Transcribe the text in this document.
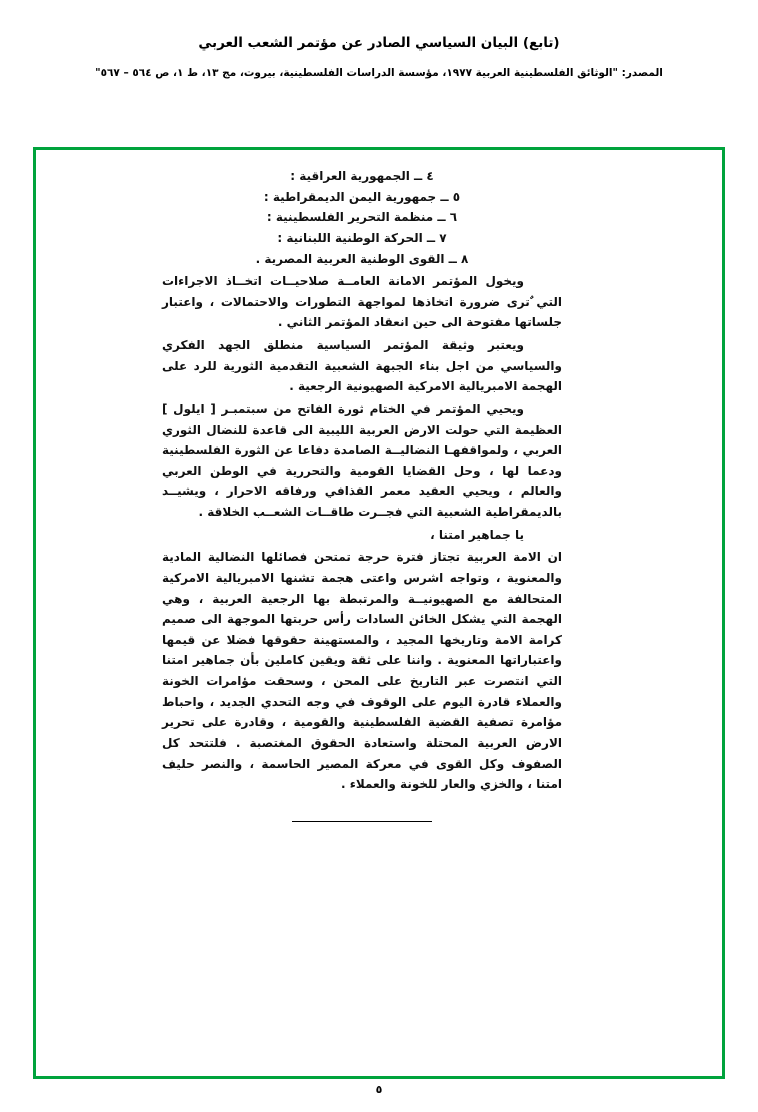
(تابع) البيان السياسي الصادر عن مؤتمر الشعب العربي
المصدر: "الوثائق الفلسطينية العربية ١٩٧٧، مؤسسة الدراسات الفلسطينية، بيروت، مج ١٣، ط ١، ص ٥٦٤ – ٥٦٧"
٤ ــ الجمهورية العراقية :
٥ ــ جمهورية اليمن الديمقراطية :
٦ ــ منظمة التحرير الفلسطينية :
٧ ــ الحركة الوطنية اللبنانية :
٨ ــ القوى الوطنية العربية المصرية .
ويخول المؤتمر الامانة العامــة صلاحيــات اتخــاذ الاجراءات التي ٌترى ضرورة اتخاذها لمواجهة التطورات والاحتمالات ، واعتبار جلساتها مفتوحة الى حين انعقاد المؤتمر الثاني .
ويعتبر وثيقة المؤتمر السياسية منطلق الجهد الفكري والسياسي من اجل بناء الجبهة الشعبية التقدمية الثورية للرد على الهجمة الامبريالية الامركية الصهيونية الرجعية .
ويحيي المؤتمر في الختام ثورة الفاتح من سبتمبـر [ ايلول ] العظيمة التي حولت الارض العربية الليبية الى قاعدة للنضال الثوري العربي ، ولمواقفهـا النضاليــة الصامدة دفاعا عن الثورة الفلسطينية ودعما لها ، وحل القضايا القومية والتحررية في الوطن العربي والعالم ، ويحيي العقيد معمر القذافي ورفاقه الاحرار ، ويشيــد بالديمقراطية الشعبية التي فجــرت طاقــات الشعــب الخلاقة .
يا جماهير امتنا ،
ان الامة العربية تجتاز فترة حرجة تمتحن فصائلها النضالية المادية والمعنوية ، وتواجه اشرس واعتى هجمة تشنها الامبريالية الامركية المتحالفة مع الصهيونيــة والمرتبطة بها الرجعية العربية ، وهي الهجمة التي يشكل الخائن السادات رأس حربتها الموجهة الى صميم كرامة الامة وتاريخها المجيد ، والمستهينة حقوقها فضلا عن قيمها واعتباراتها المعنوية . واننا على ثقة ويقين كاملين بأن جماهير امتنا التي انتصرت عبر التاريخ على المحن ، وسحقت مؤامرات الخونة والعملاء قادرة اليوم على الوقوف في وجه التحدي الجديد ، واحباط مؤامرة تصفية القضية الفلسطينية والقومية ، وقادرة على تحرير الارض العربية المحتلة واستعادة الحقوق المغتصبة . فلتتحد كل الصفوف وكل القوى في معركة المصير الحاسمة ، والنصر حليف امتنا ، والخزي والعار للخونة والعملاء .
٥
